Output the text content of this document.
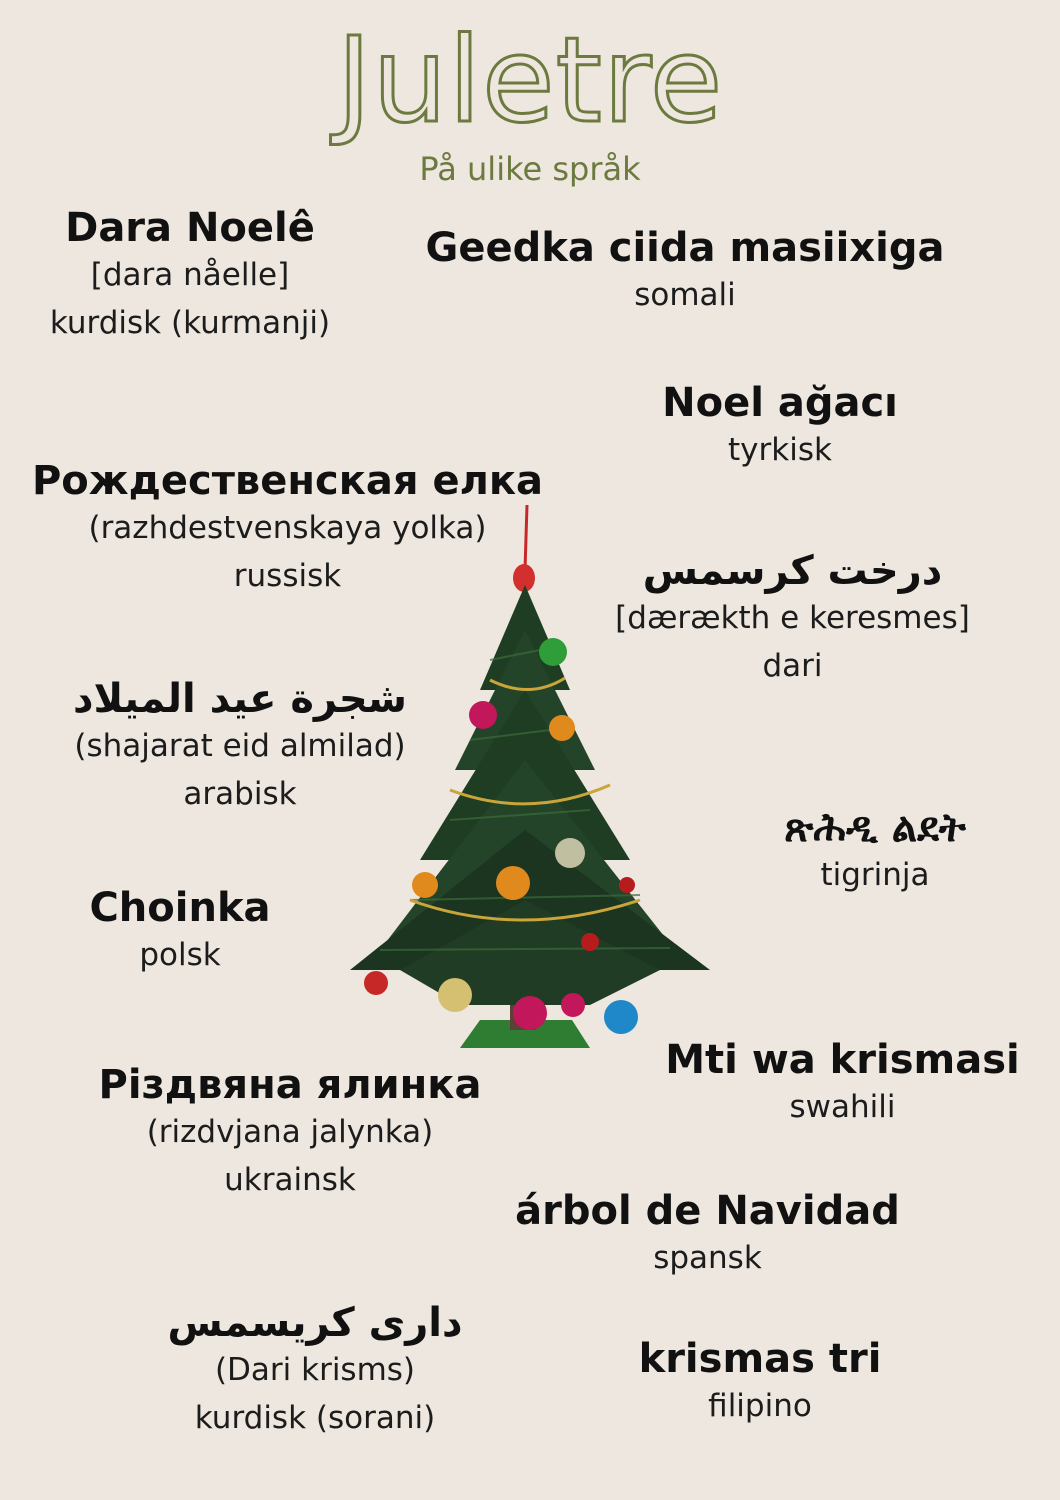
Juletre
På ulike språk
Dara Noelê
[dara nåelle]
kurdisk (kurmanji)
Geedka ciida masiixiga
somali
Noel ağacı
tyrkisk
Рождественская елка
(razhdestvenskaya yolka)
russisk	درخت کرسمس
[dærækth e keresmes]
dari
شجرة عيد الميلاد
(shajarat eid almilad)
arabisk
ጽሕዲ ልደት
tigrinja
Choinka
polsk
Mti wa krismasi
swahili
Різдвяна ялинка
(rizdvjana jalynka)
ukrainsk
árbol de Navidad
spansk
داری کریسمس
(Dari krisms)
kurdisk (sorani)
krismas tri
filipino
